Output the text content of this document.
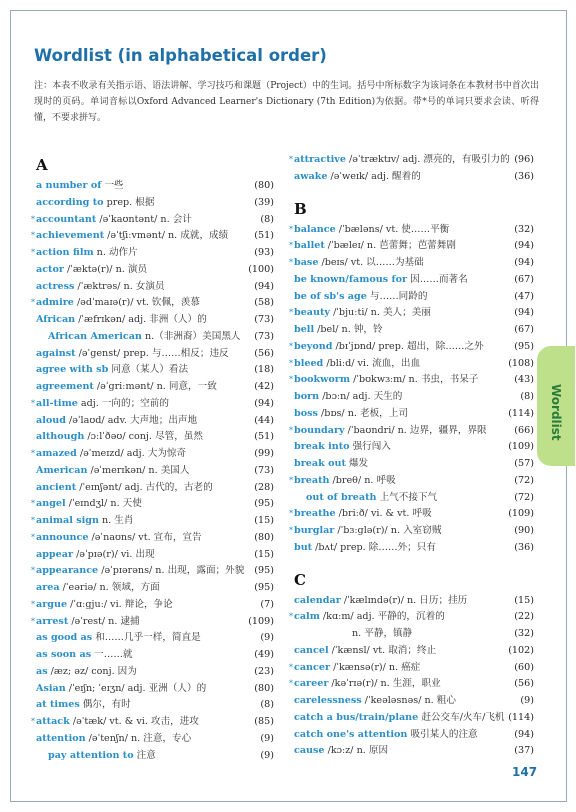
Wordlist (in alphabetical order)
注：本表不收录有关指示语、语法讲解、学习技巧和课题（Project）中的生词。括号中所标数字为该词条在本教材书中首次出现时的页码。单词音标以Oxford Advanced Learner's Dictionary (7th Edition)为依据。带*号的单词只要求会读、听得懂，不要求拼写。
A
a number of 一些	(80)
according to prep. 根据	(39)
* accountant /əˈkaʊntənt/ n. 会计	(8)
* achievement /əˈtʃiːvmənt/ n. 成就，成绩	(51)
* action film n. 动作片	(93)
actor /ˈæktə(r)/ n. 演员	(100)
actress /ˈæktrəs/ n. 女演员	(94)
* admire /ədˈmaɪə(r)/ vt. 钦佩，羡慕	(58)
African /ˈæfrɪkən/ adj. 非洲（人）的	(73)
African American n.（非洲裔）美国黑人 (73)
against /əˈgenst/ prep. 与……相反；违反	(56)
agree with sb 同意（某人）看法	(18)
agreement /əˈgriːmənt/ n. 同意，一致	(42)
* all-time adj. 一向的；空前的	(94)
aloud /əˈlaʊd/ adv. 大声地；出声地	(44)
although /ɔːlˈðəʊ/ conj. 尽管，虽然	(51)
* amazed /əˈmeɪzd/ adj. 大为惊奇	(99)
American /əˈmerɪkən/ n. 美国人	(73)
ancient /ˈeɪnʃənt/ adj. 古代的，古老的	(28)
* angel /ˈeɪndʒl/ n. 天使	(95)
* animal sign n. 生肖	(15)
* announce /əˈnaʊns/ vt. 宣布，宣告	(80)
appear /əˈpɪə(r)/ vi. 出现	(15)
* appearance /əˈpɪərəns/ n. 出现，露面；外貌 (95)
area /ˈeəriə/ n. 领域，方面	(95)
* argue /ˈɑːgjuː/ vi. 辩论，争论	(7)
* arrest /əˈrest/ n. 逮捕	(109)
as good as 和……几乎一样，简直是	(9)
as soon as 一……就	(49)
as /æz; əz/ conj. 因为	(23)
Asian /ˈeɪʃn; ˈeɪʒn/ adj. 亚洲（人）的	(80)
at times 偶尔，有时	(8)
* attack /əˈtæk/ vt. & vi. 攻击，进攻	(85)
attention /əˈtenʃn/ n. 注意，专心	(9)
pay attention to 注意	(9)
* attractive /əˈtræktɪv/ adj. 漂亮的，有吸引力的 (96)
awake /əˈweɪk/ adj. 醒着的	(36)
B
* balance /ˈbæləns/ vt. 使……平衡	(32)
* ballet /ˈbæleɪ/ n. 芭蕾舞；芭蕾舞剧	(94)
* base /beɪs/ vt. 以……为基础	(94)
be known/famous for 因……而著名	(67)
be of sb's age 与……同龄的	(47)
* beauty /ˈbjuːti/ n. 美人；美丽	(94)
bell /bel/ n. 钟，铃	(67)
* beyond /bɪˈjɒnd/ prep. 超出，除……之外	(95)
* bleed /bliːd/ vi. 流血，出血	(108)
* bookworm /ˈbʊkwɜːm/ n. 书虫，书呆子	(43)
born /bɔːn/ adj. 天生的	(8)
boss /bɒs/ n. 老板，上司	(114)
* boundary /ˈbaʊndri/ n. 边界，疆界，界限	(66)
break into 强行闯入	(109)
break out 爆发	(57)
* breath /breθ/ n. 呼吸	(72)
out of breath 上气不接下气	(72)
* breathe /briːð/ vi. & vt. 呼吸	(109)
* burglar /ˈbɜːglə(r)/ n. 入室窃贼	(90)
but /bʌt/ prep. 除……外；只有	(36)
C
calendar /ˈkælɪndə(r)/ n. 日历；挂历	(15)
* calm /kɑːm/ adj. 平静的，沉着的	(22)
n. 平静，镇静	(32)
cancel /ˈkænsl/ vt. 取消；终止	(102)
* cancer /ˈkænsə(r)/ n. 癌症	(60)
* career /kəˈrɪə(r)/ n. 生涯，职业	(56)
carelessness /ˈkeələsnəs/ n. 粗心	(9)
catch a bus/train/plane 赶公交车/火车/飞机 (114)
catch one's attention 吸引某人的注意	(94)
cause /kɔːz/ n. 原因	(37)
Wordlist
147
